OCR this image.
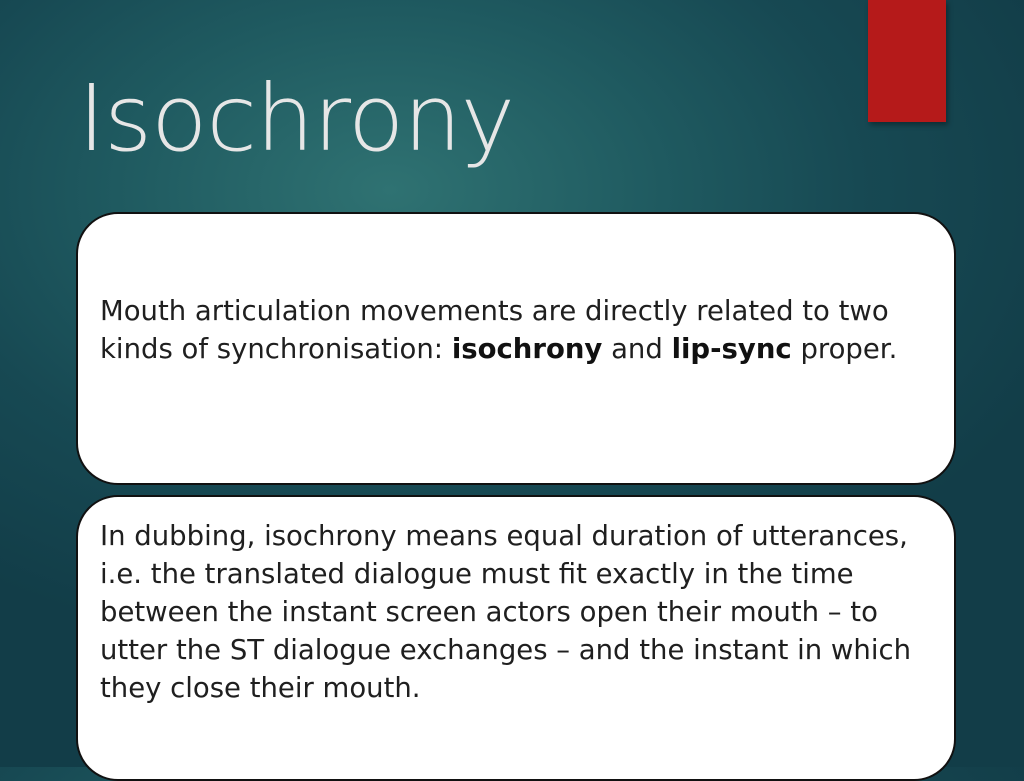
Isochrony

Mouth articulation movements are directly related to two kinds of synchronisation: isochrony and lip-sync proper.

In dubbing, isochrony means equal duration of utterances, i.e. the translated dialogue must fit exactly in the time between the instant screen actors open their mouth – to utter the ST dialogue exchanges – and the instant in which they close their mouth.
